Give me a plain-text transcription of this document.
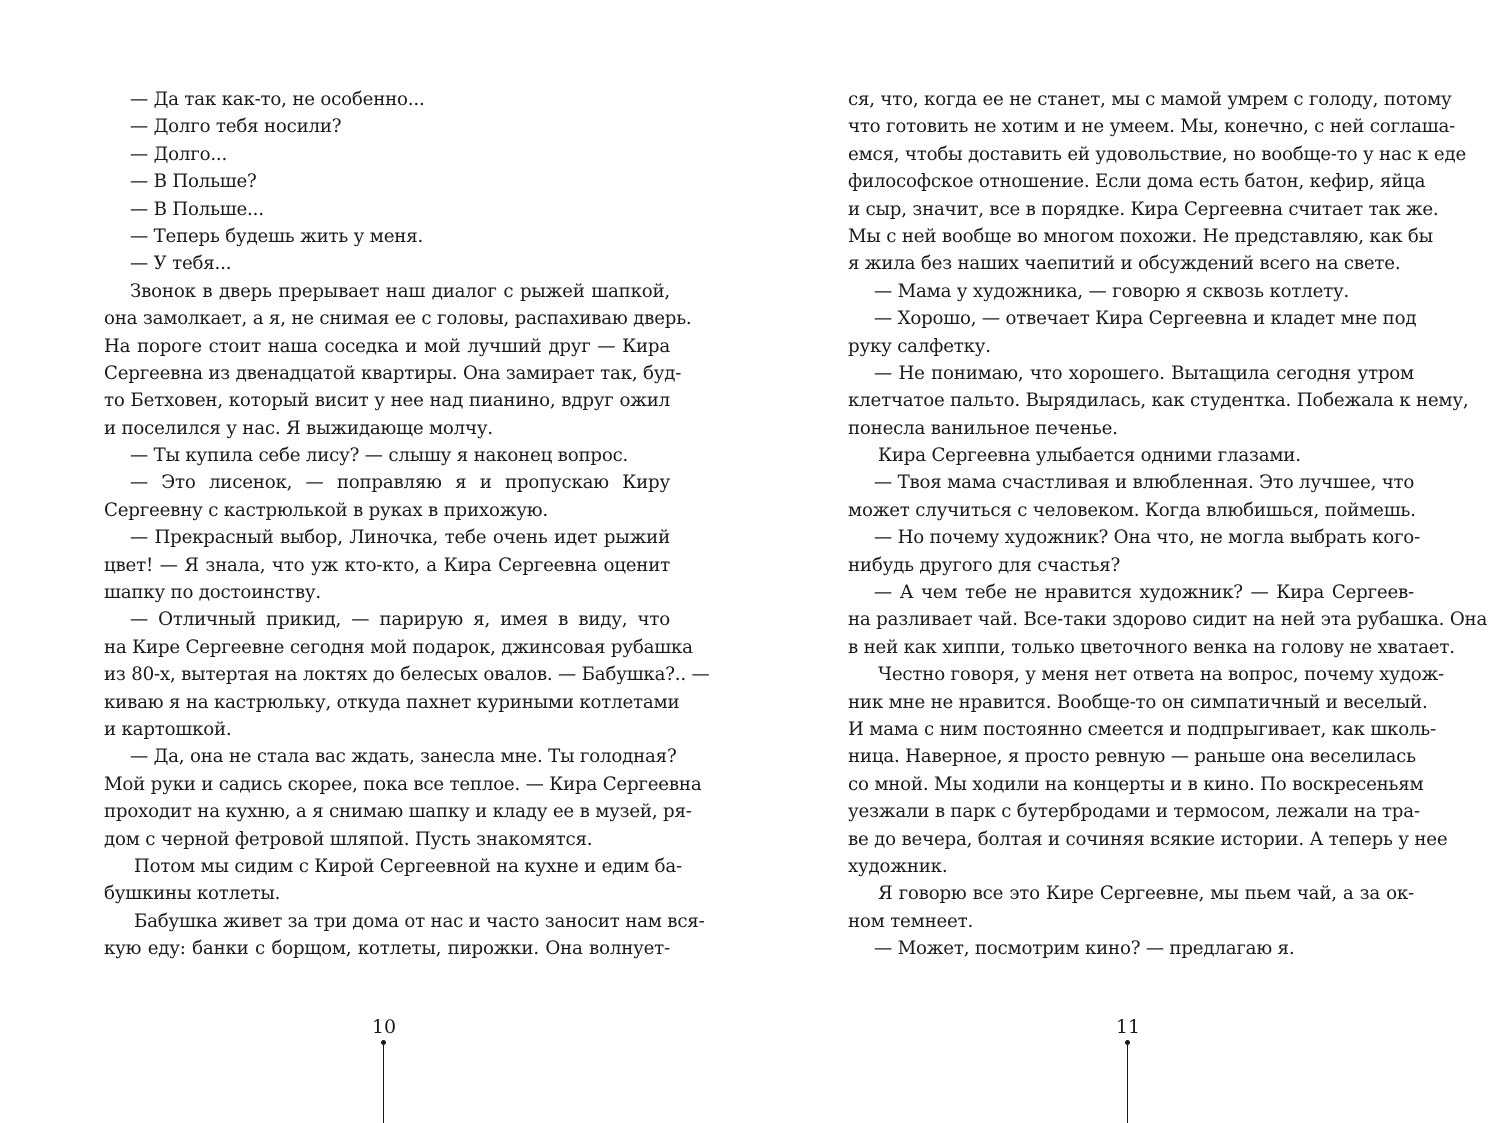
— Да так как-то, не особенно...
— Долго тебя носили?
— Долго...
— В Польше?
— В Польше...
— Теперь будешь жить у меня.
— У тебя...
Звонок в дверь прерывает наш диалог с рыжей шапкой,
она замолкает, а я, не снимая ее с головы, распахиваю дверь.
На пороге стоит наша соседка и мой лучший друг — Кира
Сергеевна из двенадцатой квартиры. Она замирает так, буд-
то Бетховен, который висит у нее над пианино, вдруг ожил
и поселился у нас. Я выжидающе молчу.
— Ты купила себе лису? — слышу я наконец вопрос.
— Это лисенок, — поправляю я и пропускаю Киру
Сергеевну с кастрюлькой в руках в прихожую.
— Прекрасный выбор, Линочка, тебе очень идет рыжий
цвет! — Я знала, что уж кто-кто, а Кира Сергеевна оценит
шапку по достоинству.
— Отличный прикид, — парирую я, имея в виду, что
на Кире Сергеевне сегодня мой подарок, джинсовая рубашка
из 80-х, вытертая на локтях до белесых овалов. — Бабушка?.. —
киваю я на кастрюльку, откуда пахнет куриными котлетами
и картошкой.
— Да, она не стала вас ждать, занесла мне. Ты голодная?
Мой руки и садись скорее, пока все теплое. — Кира Сергеевна
проходит на кухню, а я снимаю шапку и кладу ее в музей, ря-
дом с черной фетровой шляпой. Пусть знакомятся.
Потом мы сидим с Кирой Сергеевной на кухне и едим ба-
бушкины котлеты.
Бабушка живет за три дома от нас и часто заносит нам вся-
кую еду: банки с борщом, котлеты, пирожки. Она волнует-
ся, что, когда ее не станет, мы с мамой умрем с голоду, потому
что готовить не хотим и не умеем. Мы, конечно, с ней соглаша-
емся, чтобы доставить ей удовольствие, но вообще-то у нас к еде
философское отношение. Если дома есть батон, кефир, яйца
и сыр, значит, все в порядке. Кира Сергеевна считает так же.
Мы с ней вообще во многом похожи. Не представляю, как бы
я жила без наших чаепитий и обсуждений всего на свете.
— Мама у художника, — говорю я сквозь котлету.
— Хорошо, — отвечает Кира Сергеевна и кладет мне под
руку салфетку.
— Не понимаю, что хорошего. Вытащила сегодня утром
клетчатое пальто. Вырядилась, как студентка. Побежала к нему,
понесла ванильное печенье.
Кира Сергеевна улыбается одними глазами.
— Твоя мама счастливая и влюбленная. Это лучшее, что
может случиться с человеком. Когда влюбишься, поймешь.
— Но почему художник? Она что, не могла выбрать кого-
нибудь другого для счастья?
— А чем тебе не нравится художник? — Кира Сергеев-
на разливает чай. Все-таки здорово сидит на ней эта рубашка. Она
в ней как хиппи, только цветочного венка на голову не хватает.
Честно говоря, у меня нет ответа на вопрос, почему худож-
ник мне не нравится. Вообще-то он симпатичный и веселый.
И мама с ним постоянно смеется и подпрыгивает, как школь-
ница. Наверное, я просто ревную — раньше она веселилась
со мной. Мы ходили на концерты и в кино. По воскресеньям
уезжали в парк с бутербродами и термосом, лежали на тра-
ве до вечера, болтая и сочиняя всякие истории. А теперь у нее
художник.
Я говорю все это Кире Сергеевне, мы пьем чай, а за ок-
ном темнеет.
— Может, посмотрим кино? — предлагаю я.
10	11
